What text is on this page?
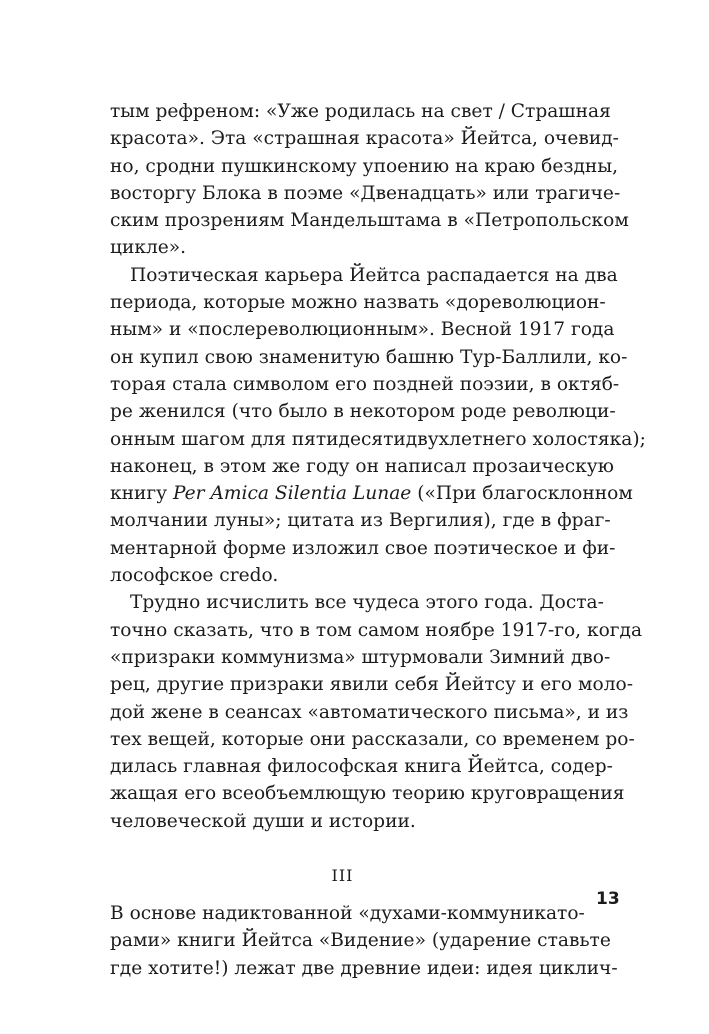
тым рефреном: «Уже родилась на свет / Страшная
красота». Эта «страшная красота» Йейтса, очевид-
но, сродни пушкинскому упоению на краю бездны,
восторгу Блока в поэме «Двенадцать» или трагиче-
ским прозрениям Мандельштама в «Петропольском
цикле».
Поэтическая карьера Йейтса распадается на два
периода, которые можно назвать «дореволюцион-
ным» и «послереволюционным». Весной 1917 года
он купил свою знаменитую башню Тур-Баллили, ко-
торая стала символом его поздней поэзии, в октяб-
ре женился (что было в некотором роде революци-
онным шагом для пятидесятидвухлетнего холостяка);
наконец, в этом же году он написал прозаическую
книгу Per Amica Silentia Lunae («При благосклонном
молчании луны»; цитата из Вергилия), где в фраг-
ментарной форме изложил свое поэтическое и фи-
лософское credo.
Трудно исчислить все чудеса этого года. Доста-
точно сказать, что в том самом ноябре 1917-го, когда
«призраки коммунизма» штурмовали Зимний дво-
рец, другие призраки явили себя Йейтсу и его моло-
дой жене в сеансах «автоматического письма», и из
тех вещей, которые они рассказали, со временем ро-
дилась главная философская книга Йейтса, содер-
жащая его всеобъемлющую теорию круговращения
человеческой души и истории.
III
В основе надиктованной «духами-коммуникато-
рами» книги Йейтса «Видение» (ударение ставьте
где хотите!) лежат две древние идеи: идея циклич-
13
